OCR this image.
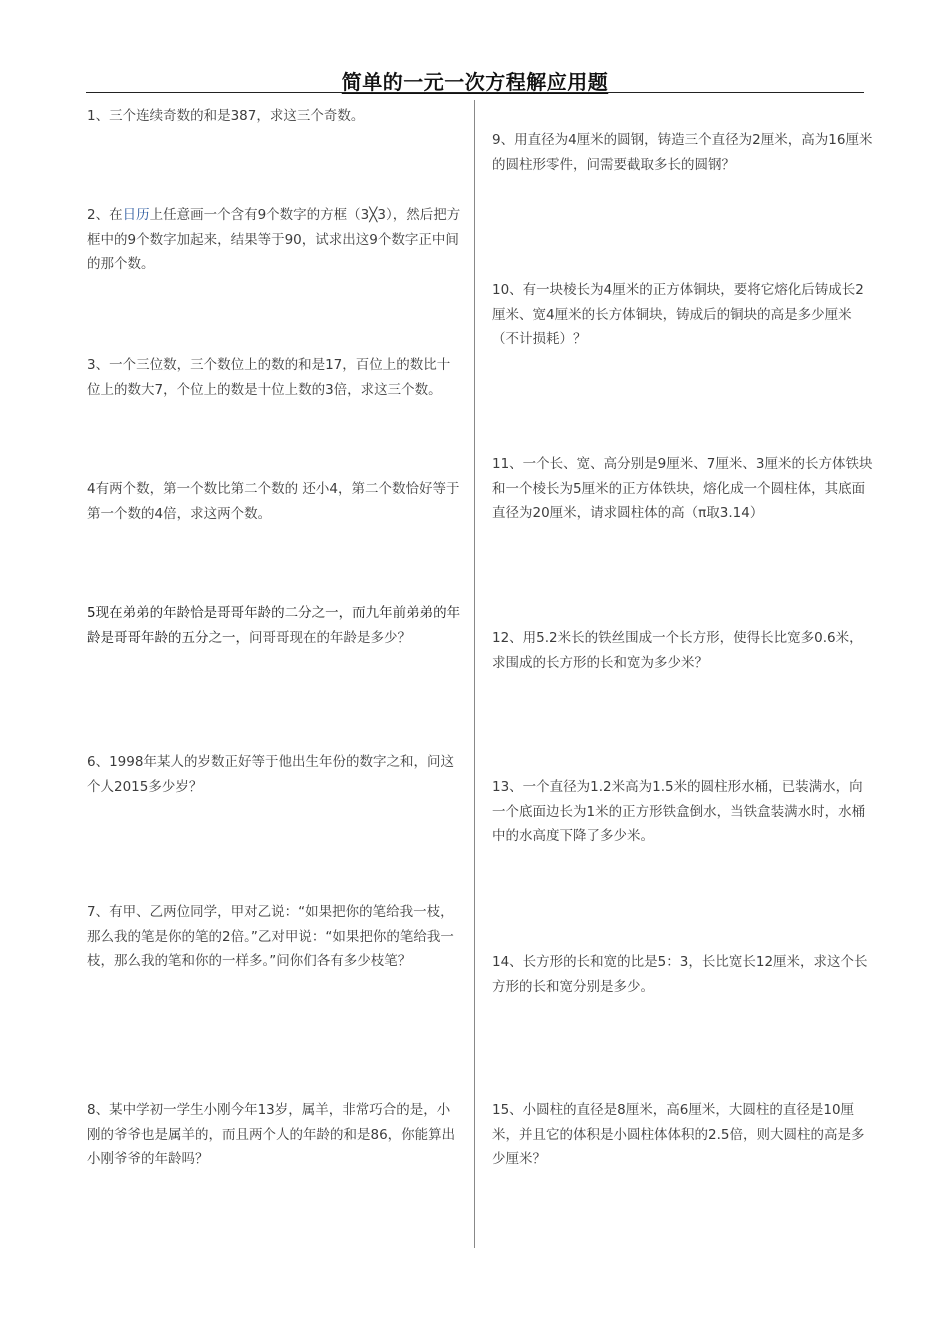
简单的一元一次方程解应用题
1、三个连续奇数的和是387，求这三个奇数。
2、在日历上任意画一个含有9个数字的方框（3╳3），然后把方框中的9个数字加起来，结果等于90，试求出这9个数字正中间的那个数。
3、一个三位数，三个数位上的数的和是17，百位上的数比十位上的数大7，个位上的数是十位上数的3倍，求这三个数。
4有两个数，第一个数比第二个数的 还小4，第二个数恰好等于第一个数的4倍，求这两个数。
5现在弟弟的年龄恰是哥哥年龄的二分之一，而九年前弟弟的年龄是哥哥年龄的五分之一，问哥哥现在的年龄是多少？
6、1998年某人的岁数正好等于他出生年份的数字之和，问这个人2015多少岁？
7、有甲、乙两位同学，甲对乙说：“如果把你的笔给我一枝，那么我的笔是你的笔的2倍。”乙对甲说：“如果把你的笔给我一枝，那么我的笔和你的一样多。”问你们各有多少枝笔？
8、某中学初一学生小刚今年13岁，属羊，非常巧合的是，小刚的爷爷也是属羊的，而且两个人的年龄的和是86，你能算出小刚爷爷的年龄吗？
9、用直径为4厘米的圆钢，铸造三个直径为2厘米，高为16厘米的圆柱形零件，问需要截取多长的圆钢？
10、有一块棱长为4厘米的正方体铜块，要将它熔化后铸成长2厘米、宽4厘米的长方体铜块，铸成后的铜块的高是多少厘米（不计损耗）？
11、一个长、宽、高分别是9厘米、7厘米、3厘米的长方体铁块和一个棱长为5厘米的正方体铁块，熔化成一个圆柱体，其底面直径为20厘米，请求圆柱体的高（π取3.14）
12、用5.2米长的铁丝围成一个长方形，使得长比宽多0.6米，求围成的长方形的长和宽为多少米？
13、一个直径为1.2米高为1.5米的圆柱形水桶，已装满水，向一个底面边长为1米的正方形铁盒倒水，当铁盒装满水时，水桶中的水高度下降了多少米。
14、长方形的长和宽的比是5：3，长比宽长12厘米，求这个长方形的长和宽分别是多少。
15、小圆柱的直径是8厘米，高6厘米，大圆柱的直径是10厘米，并且它的体积是小圆柱体体积的2.5倍，则大圆柱的高是多少厘米？
